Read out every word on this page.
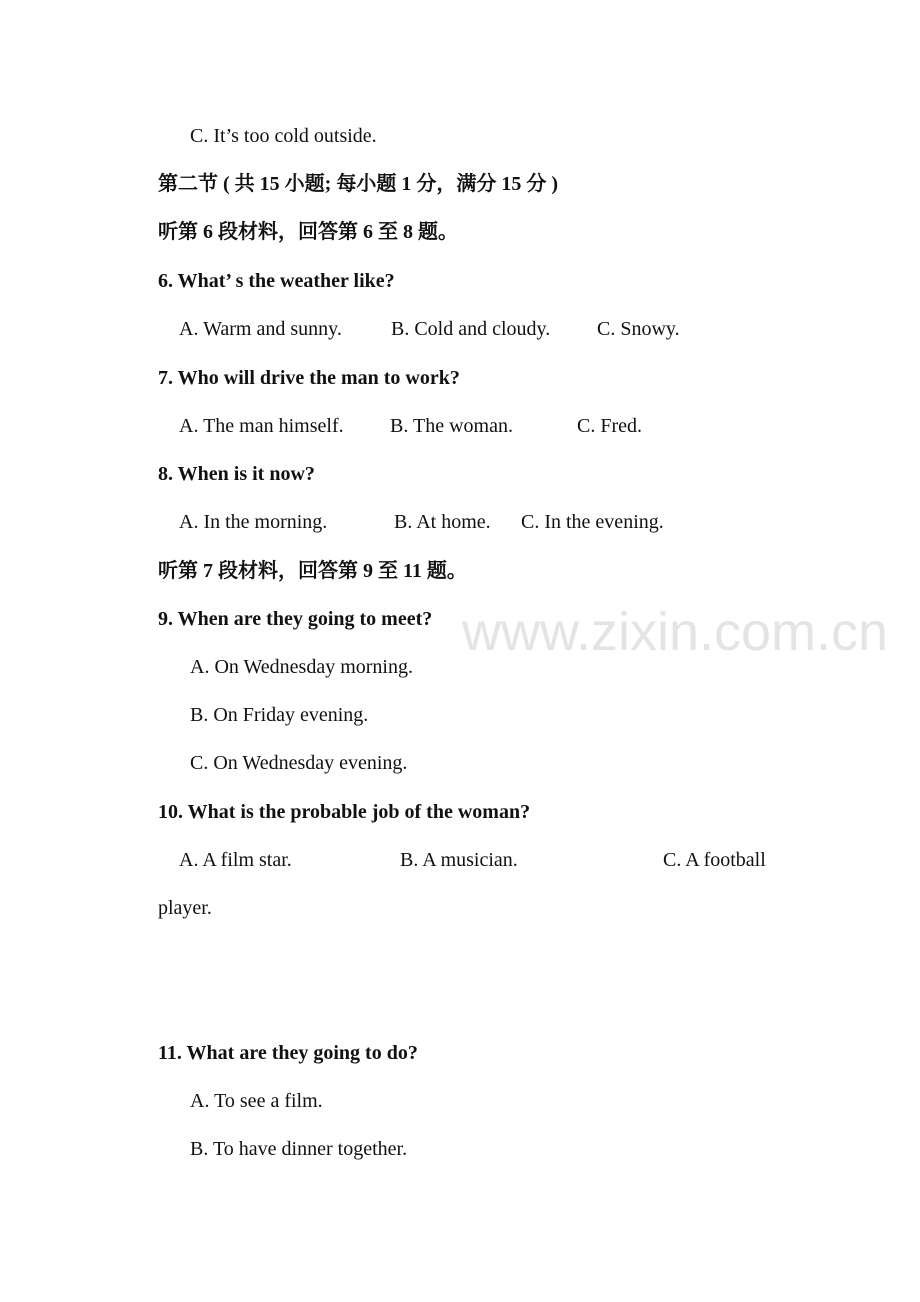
C. It’s too cold outside.
第二节 ( 共 15 小题; 每小题 1 分，满分 15 分 )
听第 6 段材料，回答第 6 至 8 题。
6. What’ s the weather like?
A. Warm and sunny. B. Cold and cloudy. C. Snowy.
7. Who will drive the man to work?
A. The man himself. B. The woman.	C. Fred.
8. When is it now?
A. In the morning.	B. At home. C. In the evening.
听第 7 段材料，回答第 9 至 11 题。
9. When are they going to meet?
A. On Wednesday morning.
B. On Friday evening.
C. On Wednesday evening.
10. What is the probable job of the woman?
A. A film star.	B. A musician.	C. A football
player.
11. What are they going to do?
A. To see a film.
B. To have dinner together.
www.zixin.com.cn
